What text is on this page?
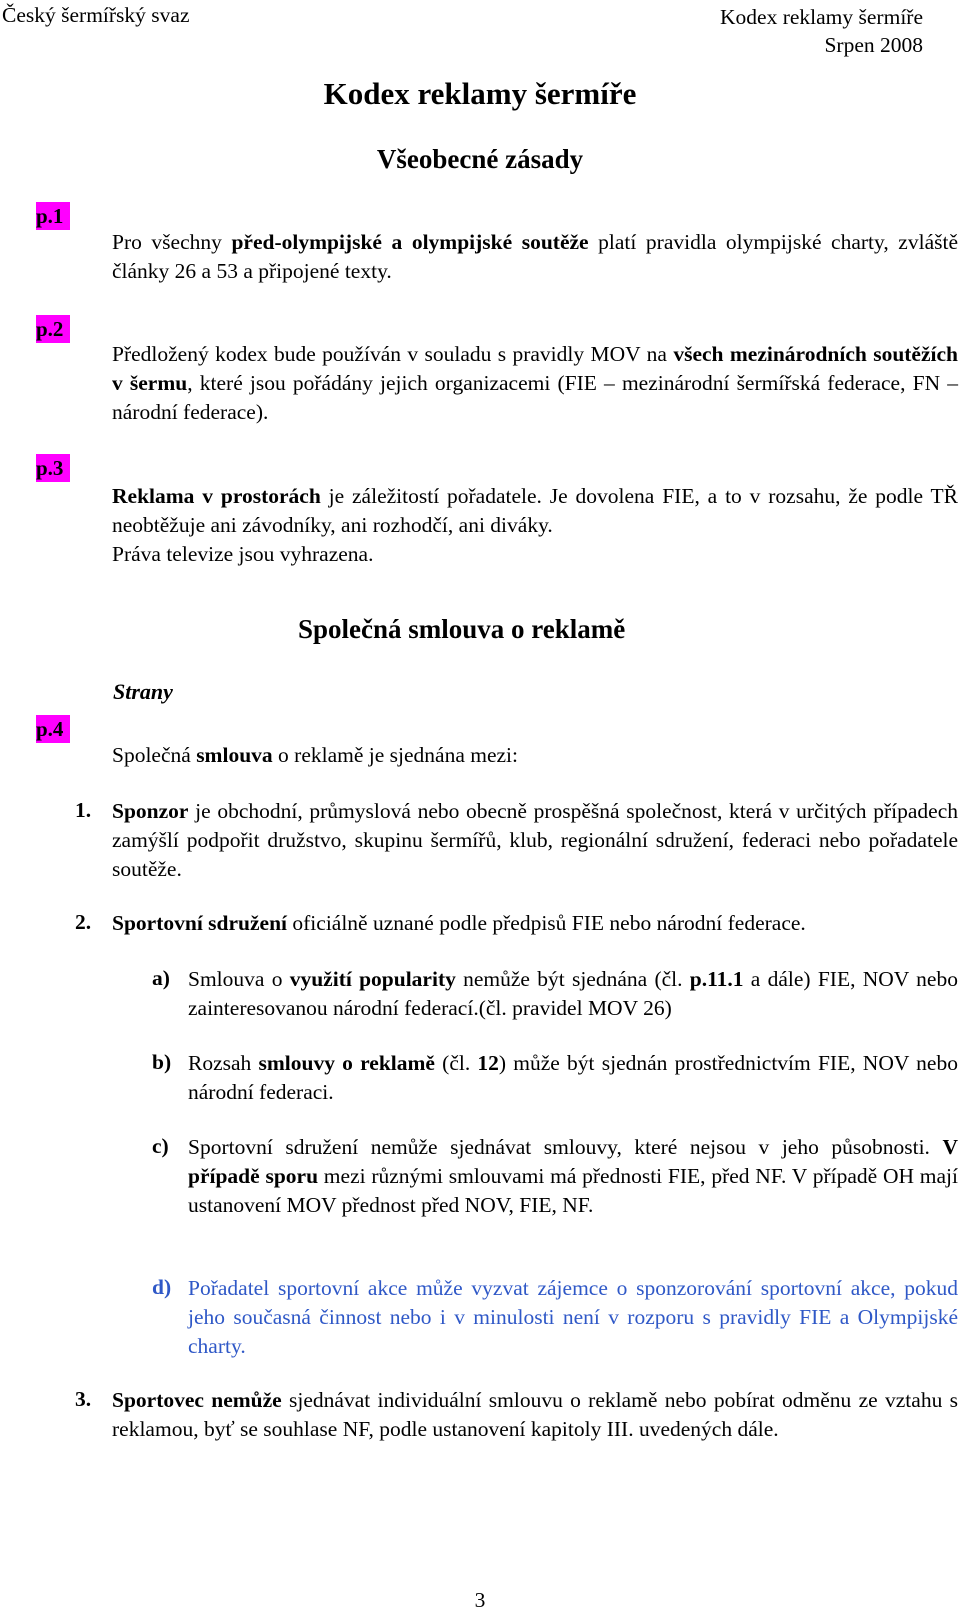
Český šermířský svaz	Kodex reklamy šermíře
Srpen 2008
Kodex reklamy šermíře
Všeobecné zásady
p.1
Pro všechny před-olympijské a olympijské soutěže platí pravidla olympijské charty, zvláště články 26 a 53 a připojené texty.
p.2
Předložený kodex bude používán v souladu s pravidly MOV na všech mezinárodních soutěžích v šermu, které jsou pořádány jejich organizacemi (FIE – mezinárodní šermířská federace, FN – národní federace).
p.3
Reklama v prostorách je záležitostí pořadatele. Je dovolena FIE, a to v rozsahu, že podle TŘ neobtěžuje ani závodníky, ani rozhodčí, ani diváky.
Práva televize jsou vyhrazena.
Společná smlouva o reklamě
Strany
p.4
Společná smlouva o reklamě je sjednána mezi:
1. Sponzor je obchodní, průmyslová nebo obecně prospěšná společnost, která v určitých případech zamýšlí podpořit družstvo, skupinu šermířů, klub, regionální sdružení, federaci nebo pořadatele soutěže.
2. Sportovní sdružení oficiálně uznané podle předpisů FIE nebo národní federace.
a) Smlouva o využití popularity nemůže být sjednána (čl. p.11.1 a dále) FIE, NOV nebo zainteresovanou národní federací.(čl. pravidel MOV 26)
b) Rozsah smlouvy o reklamě (čl. 12) může být sjednán prostřednictvím FIE, NOV nebo národní federaci.
c) Sportovní sdružení nemůže sjednávat smlouvy, které nejsou v jeho působnosti. V případě sporu mezi různými smlouvami má přednosti FIE, před NF. V případě OH mají ustanovení MOV přednost před NOV, FIE, NF.
d) Pořadatel sportovní akce může vyzvat zájemce o sponzorování sportovní akce, pokud jeho současná činnost nebo i v minulosti není v rozporu s pravidly FIE a Olympijské charty.
3. Sportovec nemůže sjednávat individuální smlouvu o reklamě nebo pobírat odměnu ze vztahu s reklamou, byť se souhlase NF, podle ustanovení kapitoly III. uvedených dále.
3
